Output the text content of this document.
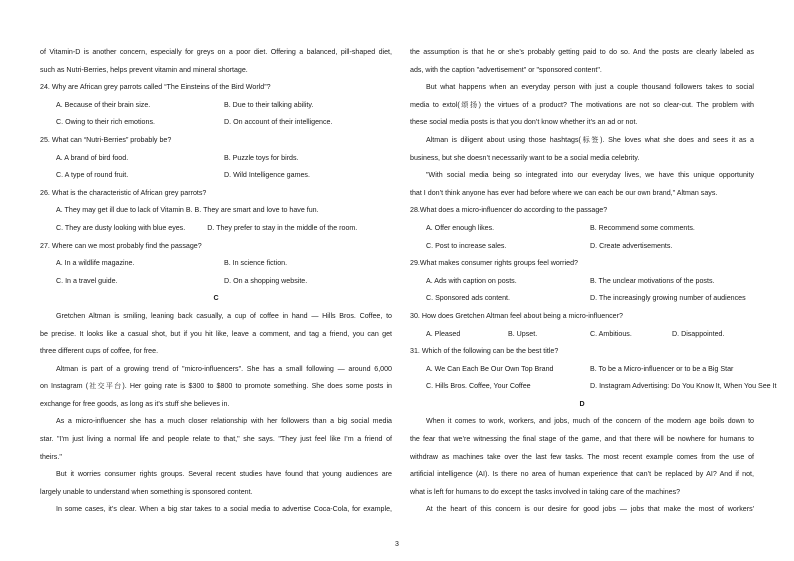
of Vitamin-D is another concern, especially for greys on a poor diet. Offering a balanced, pill-shaped diet,
such as Nutri-Berries, helps prevent vitamin and mineral shortage.
24. Why are African grey parrots called “The Einsteins of the Bird World”?
A. Because of their brain size.	B. Due to their talking ability.
C. Owing to their rich emotions.	D. On account of their intelligence.
25. What can “Nutri-Berries” probably be?
A. A brand of bird food.	B. Puzzle toys for birds.
C. A type of round fruit.	D. Wild Intelligence games.
26. What is the characteristic of African grey parrots?
A. They may get ill due to lack of Vitamin B. B. They are smart and love to have fun.
C. They are dusty looking with blue eyes.	D. They prefer to stay in the middle of the room.
27. Where can we most probably find the passage?
A. In a wildlife magazine.	B. In science fiction.
C. In a travel guide.	D. On a shopping website.
C
Gretchen Altman is smiling, leaning back casually, a cup of coffee in hand — Hills Bros. Coffee, to
be precise. It looks like a casual shot, but if you hit like, leave a comment, and tag a friend, you can get
three different cups of coffee, for free.
Altman is part of a growing trend of "micro-influencers". She has a small following — around 6,000
on Instagram (社交平台). Her going rate is $300 to $800 to promote something. She does some posts in
exchange for free goods, as long as it’s stuff she believes in.
As a micro-influencer she has a much closer relationship with her followers than a big social media
star. "I'm just living a normal life and people relate to that," she says. "They just feel like I’m a friend of
theirs."
But it worries consumer rights groups. Several recent studies have found that young audiences are
largely unable to understand when something is sponsored content.
In some cases, it’s clear. When a big star takes to a social media to advertise Coca-Cola, for example,
the assumption is that he or she’s probably getting paid to do so. And the posts are clearly labeled as
ads, with the caption "advertisement" or "sponsored content".
But what happens when an everyday person with just a couple thousand followers takes to social
media to extol(颂扬) the virtues of a product? The motivations are not so clear-cut. The problem with
these social media posts is that you don’t know whether it’s an ad or not.
Altman is diligent about using those hashtags(标签). She loves what she does and sees it as a
business, but she doesn’t necessarily want to be a social media celebrity.
"With social media being so integrated into our everyday lives, we have this unique opportunity
that I don’t think anyone has ever had before where we can each be our own brand," Altman says.
28.What does a micro-influencer do according to the passage?
A. Offer enough likes.	B. Recommend some comments.
C. Post to increase sales.	D. Create advertisements.
29.What makes consumer rights groups feel worried?
A. Ads with caption on posts.	B. The unclear motivations of the posts.
C. Sponsored ads content.	D. The increasingly growing number of audiences
30. How does Gretchen Altman feel about being a micro-influencer?
A. Pleased	B. Upset.	C. Ambitious.	D. Disappointed.
31. Which of the following can be the best title?
A. We Can Each Be Our Own Top Brand	B. To be a Micro-influencer or to be a Big Star
C. Hills Bros. Coffee, Your Coffee	D. Instagram Advertising: Do You Know It, When You See It
D
When it comes to work, workers, and jobs, much of the concern of the modern age boils down to
the fear that we’re witnessing the final stage of the game, and that there will be nowhere for humans to
withdraw as machines take over the last few tasks. The most recent example comes from the use of
artificial intelligence (AI). Is there no area of human experience that can’t be replaced by AI? And if not,
what is left for humans to do except the tasks involved in taking care of the machines?
At the heart of this concern is our desire for good jobs — jobs that make the most of workers'
3
